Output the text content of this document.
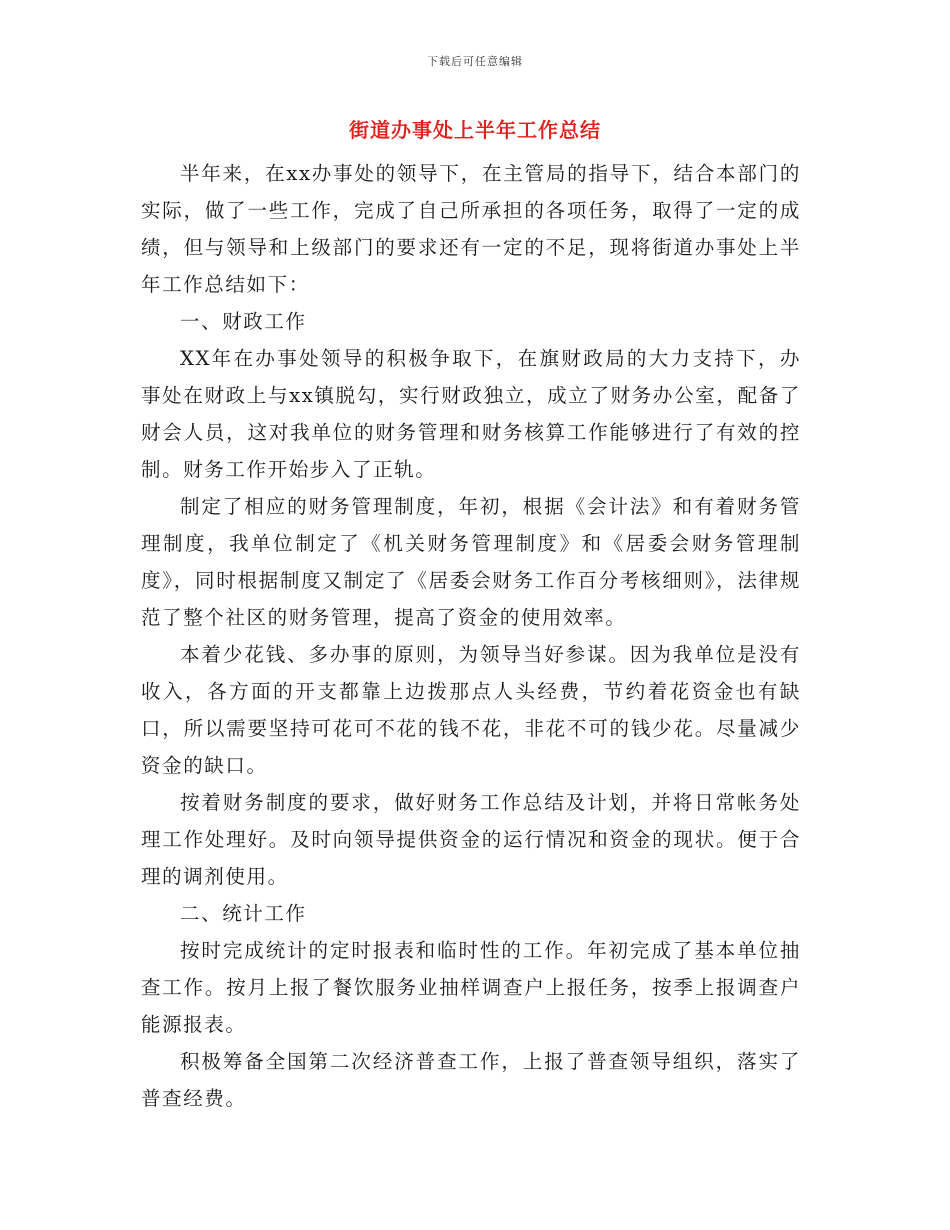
下载后可任意编辑
街道办事处上半年工作总结

半年来，在xx办事处的领导下，在主管局的指导下，结合本部门的实际，做了一些工作，完成了自己所承担的各项任务，取得了一定的成绩，但与领导和上级部门的要求还有一定的不足，现将街道办事处上半年工作总结如下：

一、财政工作

XX年在办事处领导的积极争取下，在旗财政局的大力支持下，办事处在财政上与xx镇脱勾，实行财政独立，成立了财务办公室，配备了财会人员，这对我单位的财务管理和财务核算工作能够进行了有效的控制。财务工作开始步入了正轨。

制定了相应的财务管理制度，年初，根据《会计法》和有着财务管理制度，我单位制定了《机关财务管理制度》和《居委会财务管理制度》，同时根据制度又制定了《居委会财务工作百分考核细则》，法律规范了整个社区的财务管理，提高了资金的使用效率。

本着少花钱、多办事的原则，为领导当好参谋。因为我单位是没有收入，各方面的开支都靠上边拨那点人头经费，节约着花资金也有缺口，所以需要坚持可花可不花的钱不花，非花不可的钱少花。尽量减少资金的缺口。

按着财务制度的要求，做好财务工作总结及计划，并将日常帐务处理工作处理好。及时向领导提供资金的运行情况和资金的现状。便于合理的调剂使用。

二、统计工作

按时完成统计的定时报表和临时性的工作。年初完成了基本单位抽查工作。按月上报了餐饮服务业抽样调查户上报任务，按季上报调查户能源报表。

积极筹备全国第二次经济普查工作，上报了普查领导组织，落实了普查经费。
